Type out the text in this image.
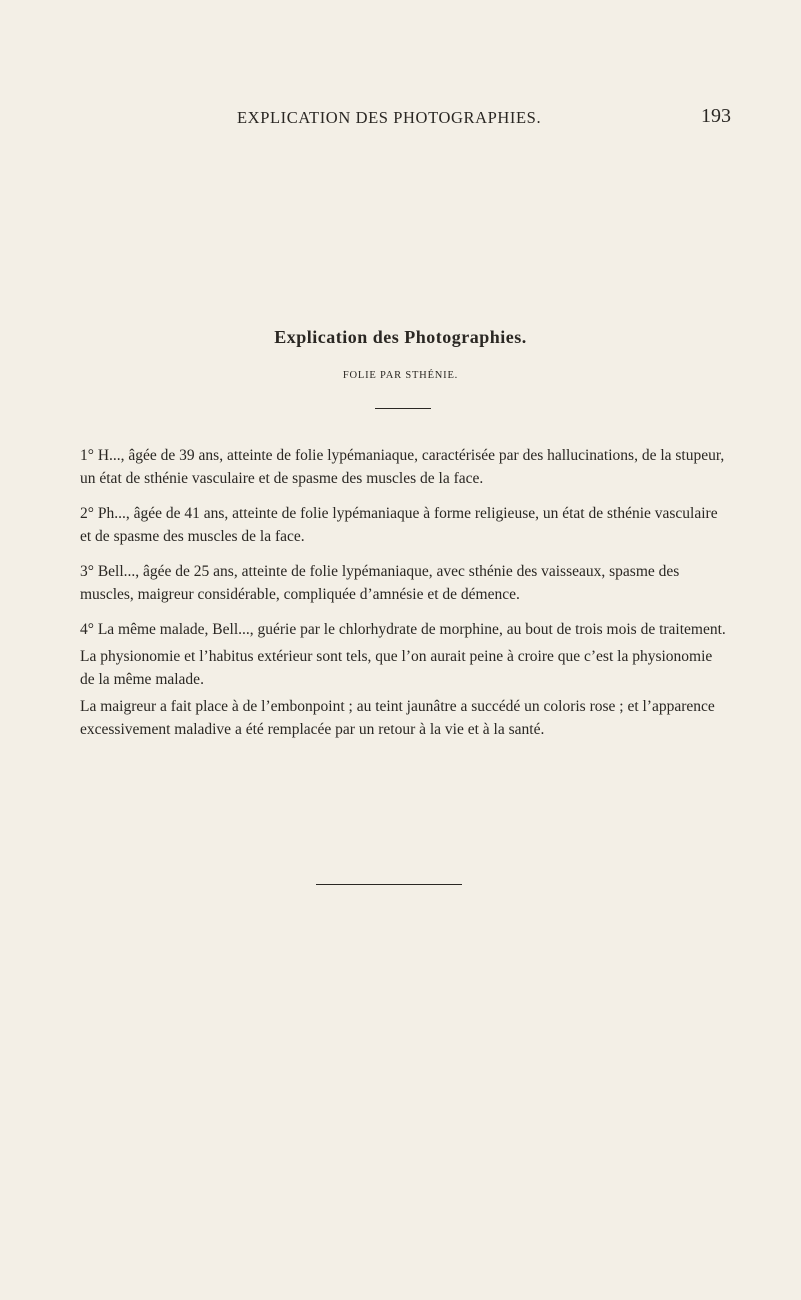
EXPLICATION DES PHOTOGRAPHIES.	193
Explication des Photographies.
FOLIE PAR STHÉNIE.

1° H..., âgée de 39 ans, atteinte de folie lypémaniaque, caractérisée par des hallucinations, de la stupeur, un état de sthénie vasculaire et de spasme des muscles de la face.

2° Ph..., âgée de 41 ans, atteinte de folie lypémaniaque à forme religieuse, un état de sthénie vasculaire et de spasme des muscles de la face.

3° Bell..., âgée de 25 ans, atteinte de folie lypémaniaque, avec sthénie des vaisseaux, spasme des muscles, maigreur considérable, compliquée d’amnésie et de démence.

4° La même malade, Bell..., guérie par le chlorhydrate de morphine, au bout de trois mois de traitement.

La physionomie et l’habitus extérieur sont tels, que l’on aurait peine à croire que c’est la physionomie de la même malade.

La maigreur a fait place à de l’embonpoint ; au teint jaunâtre a succédé un coloris rose ; et l’apparence excessivement maladive a été remplacée par un retour à la vie et à la santé.
